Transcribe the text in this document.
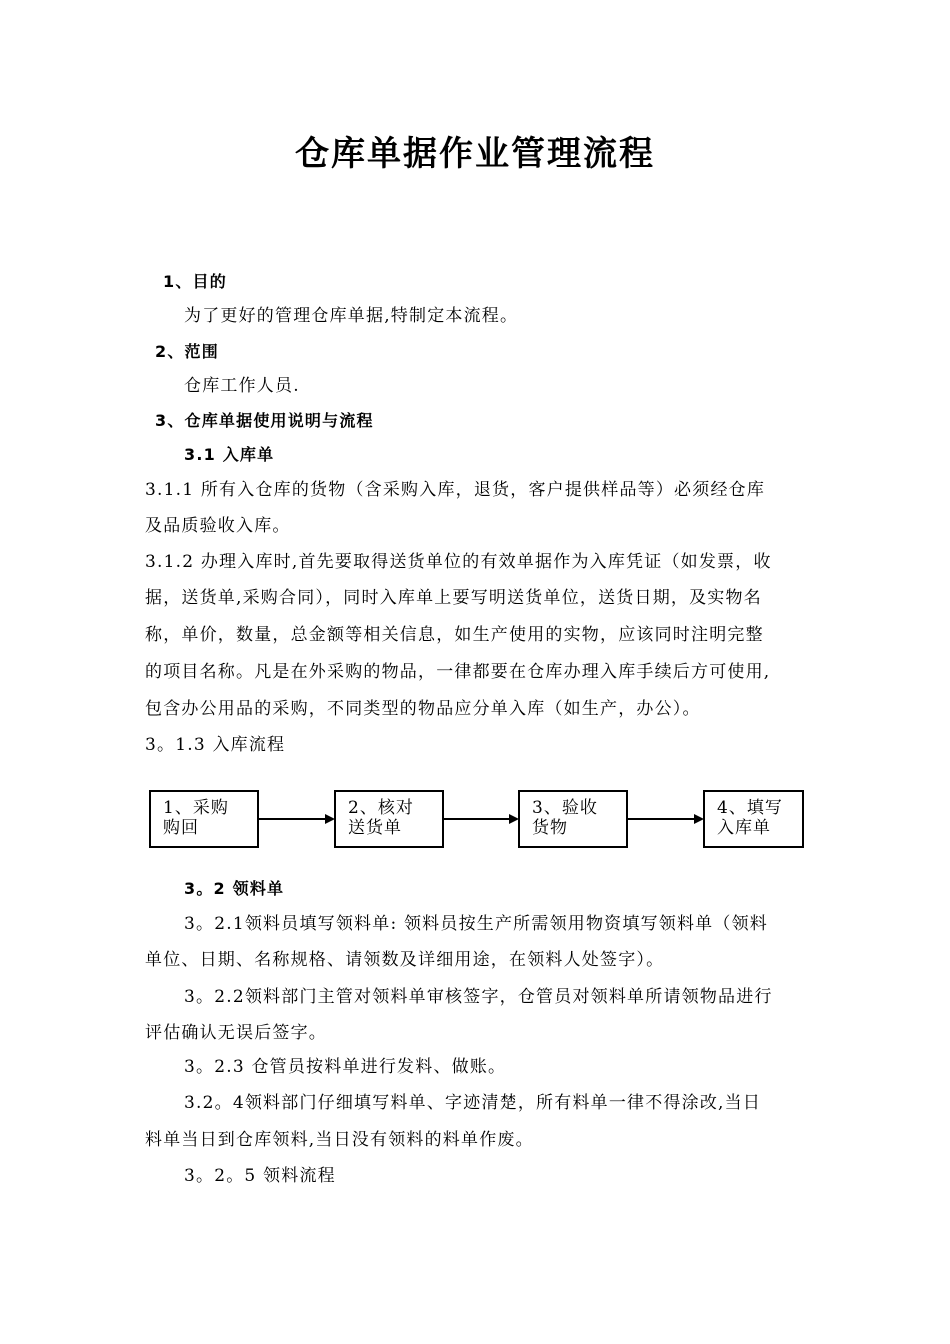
仓库单据作业管理流程

1、目的

为了更好的管理仓库单据,特制定本流程。

2、范围

仓库工作人员.

3、仓库单据使用说明与流程

3.1 入库单

3.1.1 所有入仓库的货物（含采购入库，退货，客户提供样品等）必须经仓库

及品质验收入库。

3.1.2 办理入库时,首先要取得送货单位的有效单据作为入库凭证（如发票，收

据，送货单,采购合同），同时入库单上要写明送货单位，送货日期，及实物名

称，单价，数量，总金额等相关信息，如生产使用的实物，应该同时注明完整

的项目名称。凡是在外采购的物品，一律都要在仓库办理入库手续后方可使用,

包含办公用品的采购，不同类型的物品应分单入库（如生产，办公）。

3。1.3 入库流程

1、采购
购回
2、核对
送货单
3、验收
货物
4、填写
入库单

3。2 领料单

3。2.1领料员填写领料单: 领料员按生产所需领用物资填写领料单（领料

单位、日期、名称规格、请领数及详细用途，在领料人处签字）。

3。2.2领料部门主管对领料单审核签字，仓管员对领料单所请领物品进行

评估确认无误后签字。

3。2.3 仓管员按料单进行发料、做账。

3.2。4领料部门仔细填写料单、字迹清楚，所有料单一律不得涂改,当日

料单当日到仓库领料,当日没有领料的料单作废。

3。2。5 领料流程
